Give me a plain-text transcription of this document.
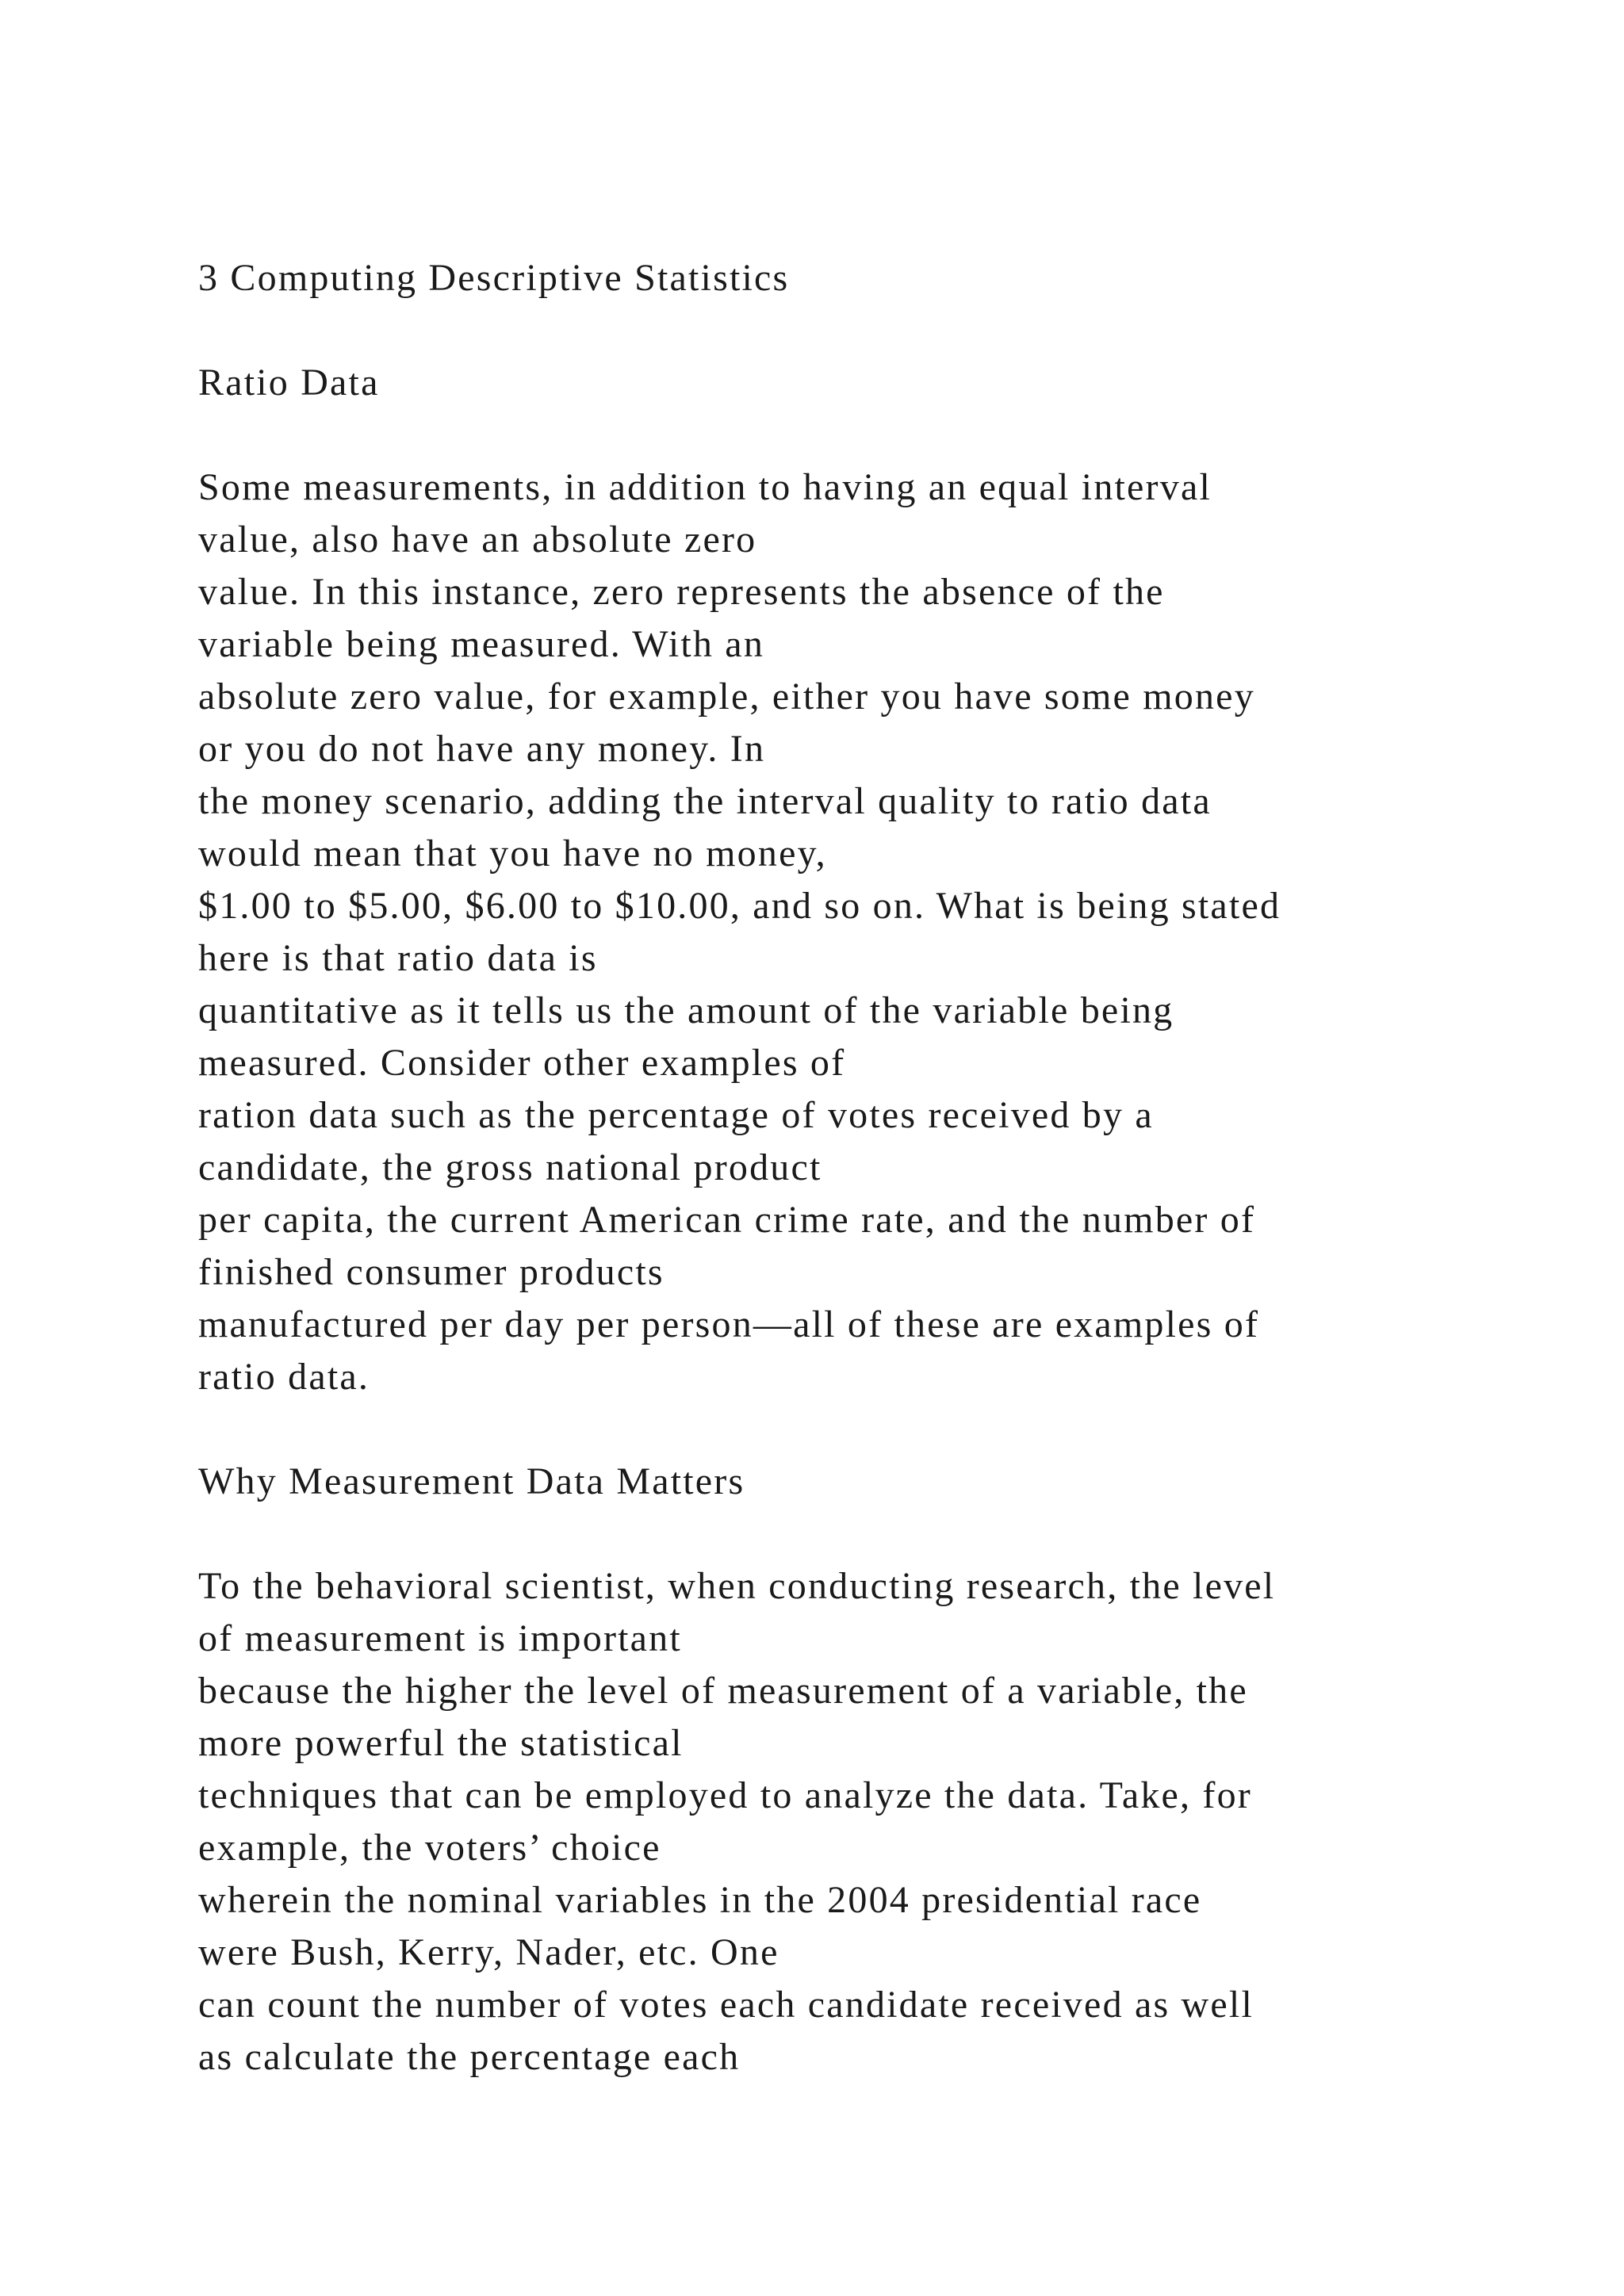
3 Computing Descriptive Statistics
Ratio Data
Some measurements, in addition to having an equal interval
value, also have an absolute zero
value. In this instance, zero represents the absence of the
variable being measured. With an
absolute zero value, for example, either you have some money
or you do not have any money. In
the money scenario, adding the interval quality to ratio data
would mean that you have no money,
$1.00 to $5.00, $6.00 to $10.00, and so on. What is being stated
here is that ratio data is
quantitative as it tells us the amount of the variable being
measured. Consider other examples of
ration data such as the percentage of votes received by a
candidate, the gross national product
per capita, the current American crime rate, and the number of
finished consumer products
manufactured per day per person—all of these are examples of
ratio data.
Why Measurement Data Matters
To the behavioral scientist, when conducting research, the level
of measurement is important
because the higher the level of measurement of a variable, the
more powerful the statistical
techniques that can be employed to analyze the data. Take, for
example, the voters’ choice
wherein the nominal variables in the 2004 presidential race
were Bush, Kerry, Nader, etc. One
can count the number of votes each candidate received as well
as calculate the percentage each
